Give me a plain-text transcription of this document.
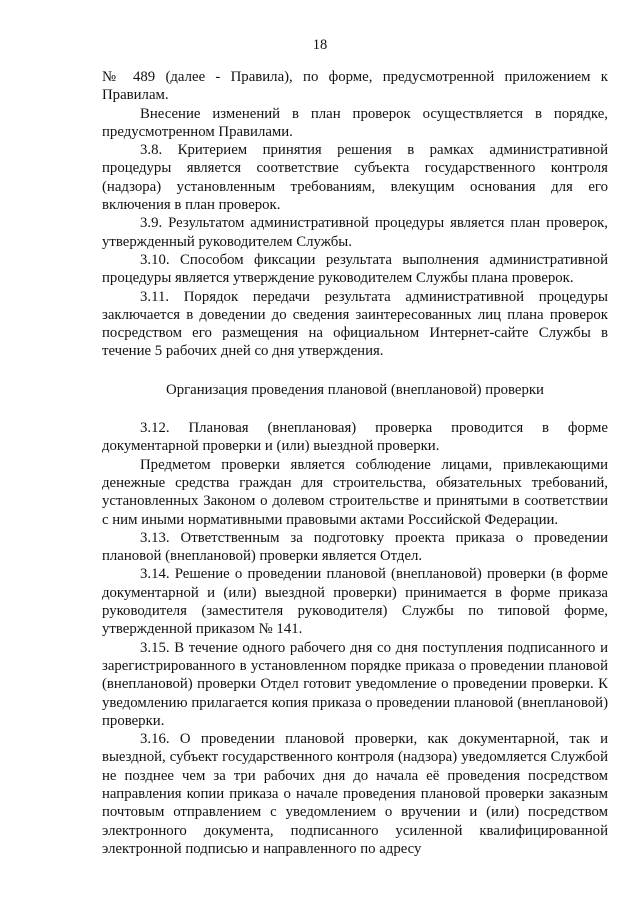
18

№ 489 (далее - Правила), по форме, предусмотренной приложением к Правилам.

Внесение изменений в план проверок осуществляется в порядке, предусмотренном Правилами.

3.8. Критерием принятия решения в рамках административной процедуры является соответствие субъекта государственного контроля (надзора) установленным требованиям, влекущим основания для его включения в план проверок.

3.9. Результатом административной процедуры является план проверок, утвержденный руководителем Службы.

3.10. Способом фиксации результата выполнения административной процедуры является утверждение руководителем Службы плана проверок.

3.11. Порядок передачи результата административной процедуры заключается в доведении до сведения заинтересованных лиц плана проверок посредством его размещения на официальном Интернет-сайте Службы в течение 5 рабочих дней со дня утверждения.

Организация проведения плановой (внеплановой) проверки

3.12. Плановая (внеплановая) проверка проводится в форме документарной проверки и (или) выездной проверки.

Предметом проверки является соблюдение лицами, привлекающими денежные средства граждан для строительства, обязательных требований, установленных Законом о долевом строительстве и принятыми в соответствии с ним иными нормативными правовыми актами Российской Федерации.

3.13. Ответственным за подготовку проекта приказа о проведении плановой (внеплановой) проверки является Отдел.

3.14. Решение о проведении плановой (внеплановой) проверки (в форме документарной и (или) выездной проверки) принимается в форме приказа руководителя (заместителя руководителя) Службы по типовой форме, утвержденной приказом № 141.

3.15. В течение одного рабочего дня со дня поступления подписанного и зарегистрированного в установленном порядке приказа о проведении плановой (внеплановой) проверки Отдел готовит уведомление о проведении проверки. К уведомлению прилагается копия приказа о проведении плановой (внеплановой) проверки.

3.16. О проведении плановой проверки, как документарной, так и выездной, субъект государственного контроля (надзора) уведомляется Службой не позднее чем за три рабочих дня до начала её проведения посредством направления копии приказа о начале проведения плановой проверки заказным почтовым отправлением с уведомлением о вручении и (или) посредством электронного документа, подписанного усиленной квалифицированной электронной подписью и направленного по адресу
